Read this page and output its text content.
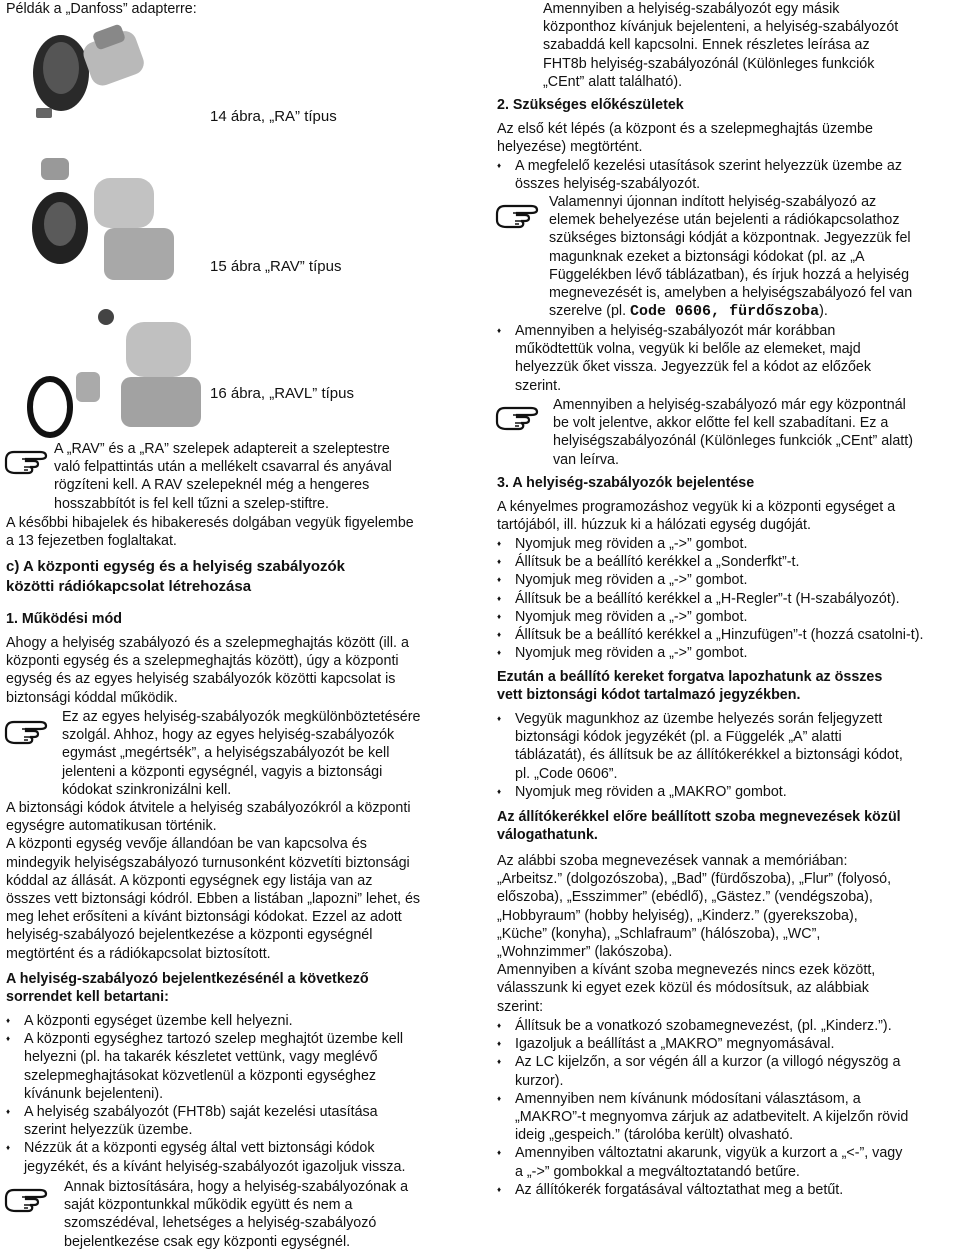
Példák a „Danfoss” adapterre:

14 ábra, „RA” típus

15 ábra „RAV” típus

16 ábra, „RAVL” típus

A „RAV” és a „RA” szelepek adaptereit a szeleptestre

való felpattintás után a mellékelt csavarral és anyával

rögzíteni kell. A RAV szelepeknél még a hengeres

hosszabbítót is fel kell tűzni a szelep-stiftre.

A későbbi hibajelek és hibakeresés dolgában vegyük figyelembe

a 13 fejezetben foglaltakat.

c) A központi egység és a helyiség szabályozók

közötti rádiókapcsolat létrehozása

1. Működési mód

Ahogy a helyiség szabályozó és a szelepmeghajtás között (ill. a

központi egység és a szelepmeghajtás között), úgy a központi

egység és az egyes helyiség szabályozók közötti kapcsolat is

biztonsági kóddal működik.

Ez az egyes helyiség-szabályozók megkülönböztetésére

szolgál. Ahhoz, hogy az egyes helyiség-szabályozók

egymást „megértsék”, a helyiségszabályozót be kell

jelenteni a központi egységnél, vagyis a biztonsági

kódokat szinkronizálni kell.

A biztonsági kódok átvitele a helyiség szabályozókról a központi

egységre automatikusan történik.

A központi egység vevője állandóan be van kapcsolva és

mindegyik helyiségszabályozó turnusonként közvetíti biztonsági

kóddal az állását. A központi egységnek egy listája van az

összes vett biztonsági kódról. Ebben a listában „lapozni” lehet, és

meg lehet erősíteni a kívánt biztonsági kódokat. Ezzel az adott

helyiség-szabályozó bejelentkezése a központi egységnél

megtörtént és a rádiókapcsolat biztosított.

A helyiség-szabályozó bejelentkezésénél a következő

sorrendet kell betartani:

♦ A központi egységet üzembe kell helyezni.

♦ A központi egységhez tartozó szelep meghajtót üzembe kell

helyezni (pl. ha takarék készletet vettünk, vagy meglévő

szelepmeghajtásokat közvetlenül a központi egységhez

kívánunk bejelenteni).

♦ A helyiség szabályozót (FHT8b) saját kezelési utasítása

szerint helyezzük üzembe.

♦ Nézzük át a központi egység által vett biztonsági kódok

jegyzékét, és a kívánt helyiség-szabályozót igazoljuk vissza.

Annak biztosítására, hogy a helyiség-szabályozónak a

saját központunkkal működik együtt és nem a

szomszédéval, lehetséges a helyiség-szabályozó

bejelentkezése csak egy központi egységnél.

Amennyiben a helyiség-szabályozót egy másik

központhoz kívánjuk bejelenteni, a helyiség-szabályozót

szabaddá kell kapcsolni. Ennek részletes leírása az

FHT8b helyiség-szabályozónál (Különleges funkciók

„CEnt” alatt található).

2. Szükséges előkészületek

Az első két lépés (a központ és a szelepmeghajtás üzembe

helyezése) megtörtént.

♦ A megfelelő kezelési utasítások szerint helyezzük üzembe az

összes helyiség-szabályozót.

Valamennyi újonnan indított helyiség-szabályozó az

elemek behelyezése után bejelenti a rádiókapcsolathoz

szükséges biztonsági kódját a központnak. Jegyezzük fel

magunknak ezeket a biztonsági kódokat (pl. az „A

Függelékben lévő táblázatban), és írjuk hozzá a helyiség

megnevezését is, amelyben a helyiségszabályozó fel van

szerelve (pl. Code 0606, fürdőszoba).

♦ Amennyiben a helyiség-szabályozót már korábban

működtettük volna, vegyük ki belőle az elemeket, majd

helyezzük őket vissza. Jegyezzük fel a kódot az előzőek

szerint.

Amennyiben a helyiség-szabályozó már egy központnál

be volt jelentve, akkor előtte fel kell szabadítani. Ez a

helyiségszabályozónál (Különleges funkciók „CEnt” alatt)

van leírva.

3. A helyiség-szabályozók bejelentése

A kényelmes programozáshoz vegyük ki a központi egységet a

tartójából, ill. húzzuk ki a hálózati egység dugóját.

♦ Nyomjuk meg röviden a „->” gombot.

♦ Állítsuk be a beállító kerékkel a „Sonderfkt”-t.

♦ Nyomjuk meg röviden a „->” gombot.

♦ Állítsuk be a beállító kerékkel a „H-Regler”-t (H-szabályozót).

♦ Nyomjuk meg röviden a „->” gombot.

♦ Állítsuk be a beállító kerékkel a „Hinzufügen”-t (hozzá csatolni-t).

♦ Nyomjuk meg röviden a „->” gombot.

Ezután a beállító kereket forgatva lapozhatunk az összes

vett biztonsági kódot tartalmazó jegyzékben.

♦ Vegyük magunkhoz az üzembe helyezés során feljegyzett

biztonsági kódok jegyzékét (pl. a Függelék „A” alatti

táblázatát), és állítsuk be az állítókerékkel a biztonsági kódot,

pl. „Code 0606”.

♦ Nyomjuk meg röviden a „MAKRO” gombot.

Az állítókerékkel előre beállított szoba megnevezések közül

válogathatunk.

Az alábbi szoba megnevezések vannak a memóriában:

„Arbeitsz.” (dolgozószoba), „Bad” (fürdőszoba), „Flur” (folyosó,

előszoba), „Esszimmer” (ebédlő), „Gästez.” (vendégszoba),

„Hobbyraum” (hobby helyiség), „Kinderz.” (gyerekszoba),

„Küche” (konyha), „Schlafraum” (hálószoba), „WC”,

„Wohnzimmer” (lakószoba).

Amennyiben a kívánt szoba megnevezés nincs ezek között,

válasszunk ki egyet ezek közül és módosítsuk, az alábbiak

szerint:

♦ Állítsuk be a vonatkozó szobamegnevezést, (pl. „Kinderz.”).

♦ Igazoljuk a beállítást a „MAKRO” megnyomásával.

♦ Az LC kijelzőn, a sor végén áll a kurzor (a villogó négyszög a

kurzor).

♦ Amennyiben nem kívánunk módosítani választásom, a

„MAKRO”-t megnyomva zárjuk az adatbevitelt. A kijelzőn rövid

ideig „gespeich.” (tárolóba került) olvasható.

♦ Amennyiben változtatni akarunk, vigyük a kurzort a „<-”, vagy

a „->” gombokkal a megváltoztatandó betűre.

♦ Az állítókerék forgatásával változtathat meg a betűt.
